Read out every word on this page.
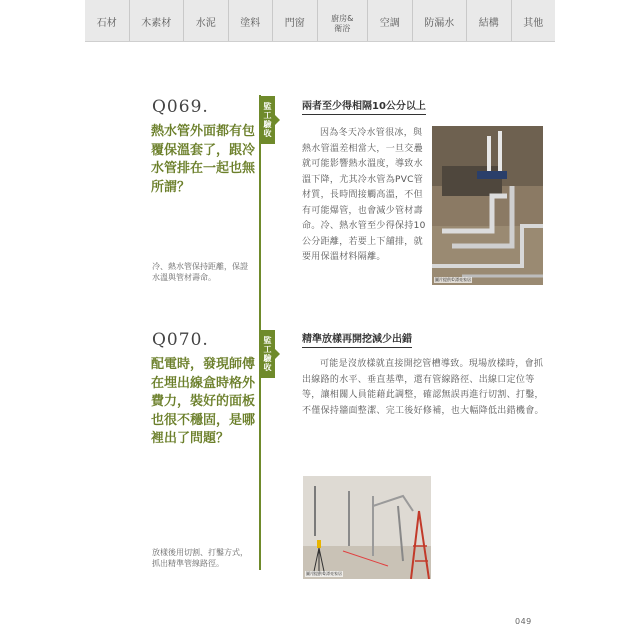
石材	木素材	水泥	塗料	門窗	廚房&衛浴	空調	防漏水	結構	其他
Q069.
熱水管外面都有包覆保溫套了，跟冷水管排在一起也無所謂？
冷、熱水管保持距離，保證水溫與管材壽命。
監工驗收	兩者至少得相隔10公分以上
因為冬天冷水管很冰，與熱水管溫差相當大，一旦交疊就可能影響熱水溫度，導致水溫下降，尤其冷水管為PVC管材質，長時間接觸高溫，不但有可能爆管，也會減少管材壽命。冷、熱水管至少得保持10公分距離，若要上下舖排，就要用保溫材料隔離。
圖片提供©漂亮家居
Q070.
配電時，發現師傅在埋出線盒時格外費力，裝好的面板也很不穩固，是哪裡出了問題？
放樣後用切割、打鑿方式，抓出精準管線路徑。
監工驗收	精準放樣再開挖減少出錯
可能是沒放樣就直接開挖管槽導致。現場放樣時，會抓出線路的水平、垂直基準，還有管線路徑、出線口定位等等，讓相關人員能藉此調整，確認無誤再進行切割、打鑿，不僅保持牆面整潔、完工後好修補，也大幅降低出錯機會。
圖片提供©漂亮家居
049
